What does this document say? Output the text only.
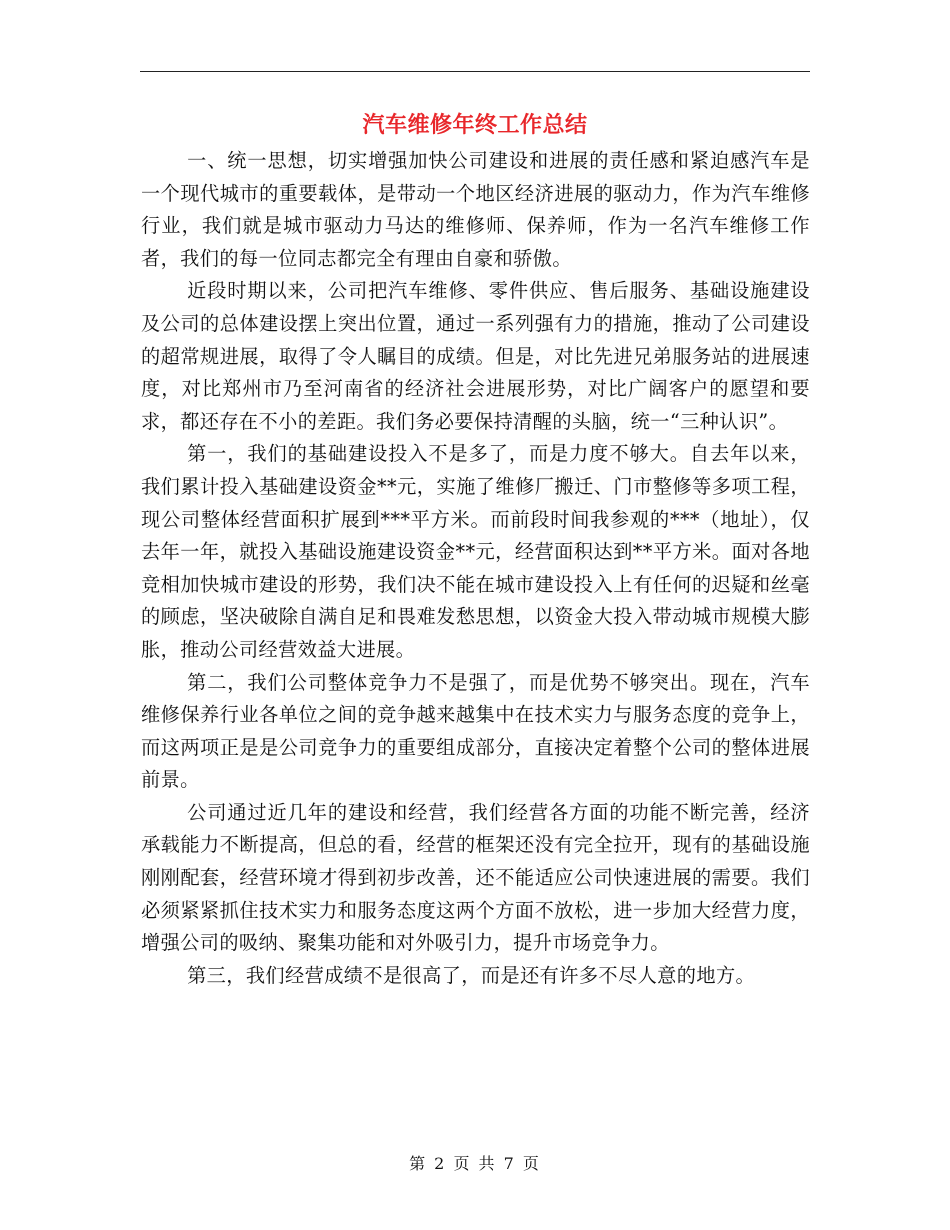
汽车维修年终工作总结

一、统一思想，切实增强加快公司建设和进展的责任感和紧迫感汽车是一个现代城市的重要载体，是带动一个地区经济进展的驱动力，作为汽车维修行业，我们就是城市驱动力马达的维修师、保养师，作为一名汽车维修工作者，我们的每一位同志都完全有理由自豪和骄傲。

近段时期以来，公司把汽车维修、零件供应、售后服务、基础设施建设及公司的总体建设摆上突出位置，通过一系列强有力的措施，推动了公司建设的超常规进展，取得了令人瞩目的成绩。但是，对比先进兄弟服务站的进展速度，对比郑州市乃至河南省的经济社会进展形势，对比广阔客户的愿望和要求，都还存在不小的差距。我们务必要保持清醒的头脑，统一“三种认识”。

第一，我们的基础建设投入不是多了，而是力度不够大。自去年以来，我们累计投入基础建设资金**元，实施了维修厂搬迁、门市整修等多项工程，现公司整体经营面积扩展到***平方米。而前段时间我参观的***（地址），仅去年一年，就投入基础设施建设资金**元，经营面积达到**平方米。面对各地竞相加快城市建设的形势，我们决不能在城市建设投入上有任何的迟疑和丝毫的顾虑，坚决破除自满自足和畏难发愁思想，以资金大投入带动城市规模大膨胀，推动公司经营效益大进展。

第二，我们公司整体竞争力不是强了，而是优势不够突出。现在，汽车维修保养行业各单位之间的竞争越来越集中在技术实力与服务态度的竞争上，而这两项正是是公司竞争力的重要组成部分，直接决定着整个公司的整体进展前景。

公司通过近几年的建设和经营，我们经营各方面的功能不断完善，经济承载能力不断提高，但总的看，经营的框架还没有完全拉开，现有的基础设施刚刚配套，经营环境才得到初步改善，还不能适应公司快速进展的需要。我们必须紧紧抓住技术实力和服务态度这两个方面不放松，进一步加大经营力度，增强公司的吸纳、聚集功能和对外吸引力，提升市场竞争力。

第三，我们经营成绩不是很高了，而是还有许多不尽人意的地方。

第 2 页 共 7 页
